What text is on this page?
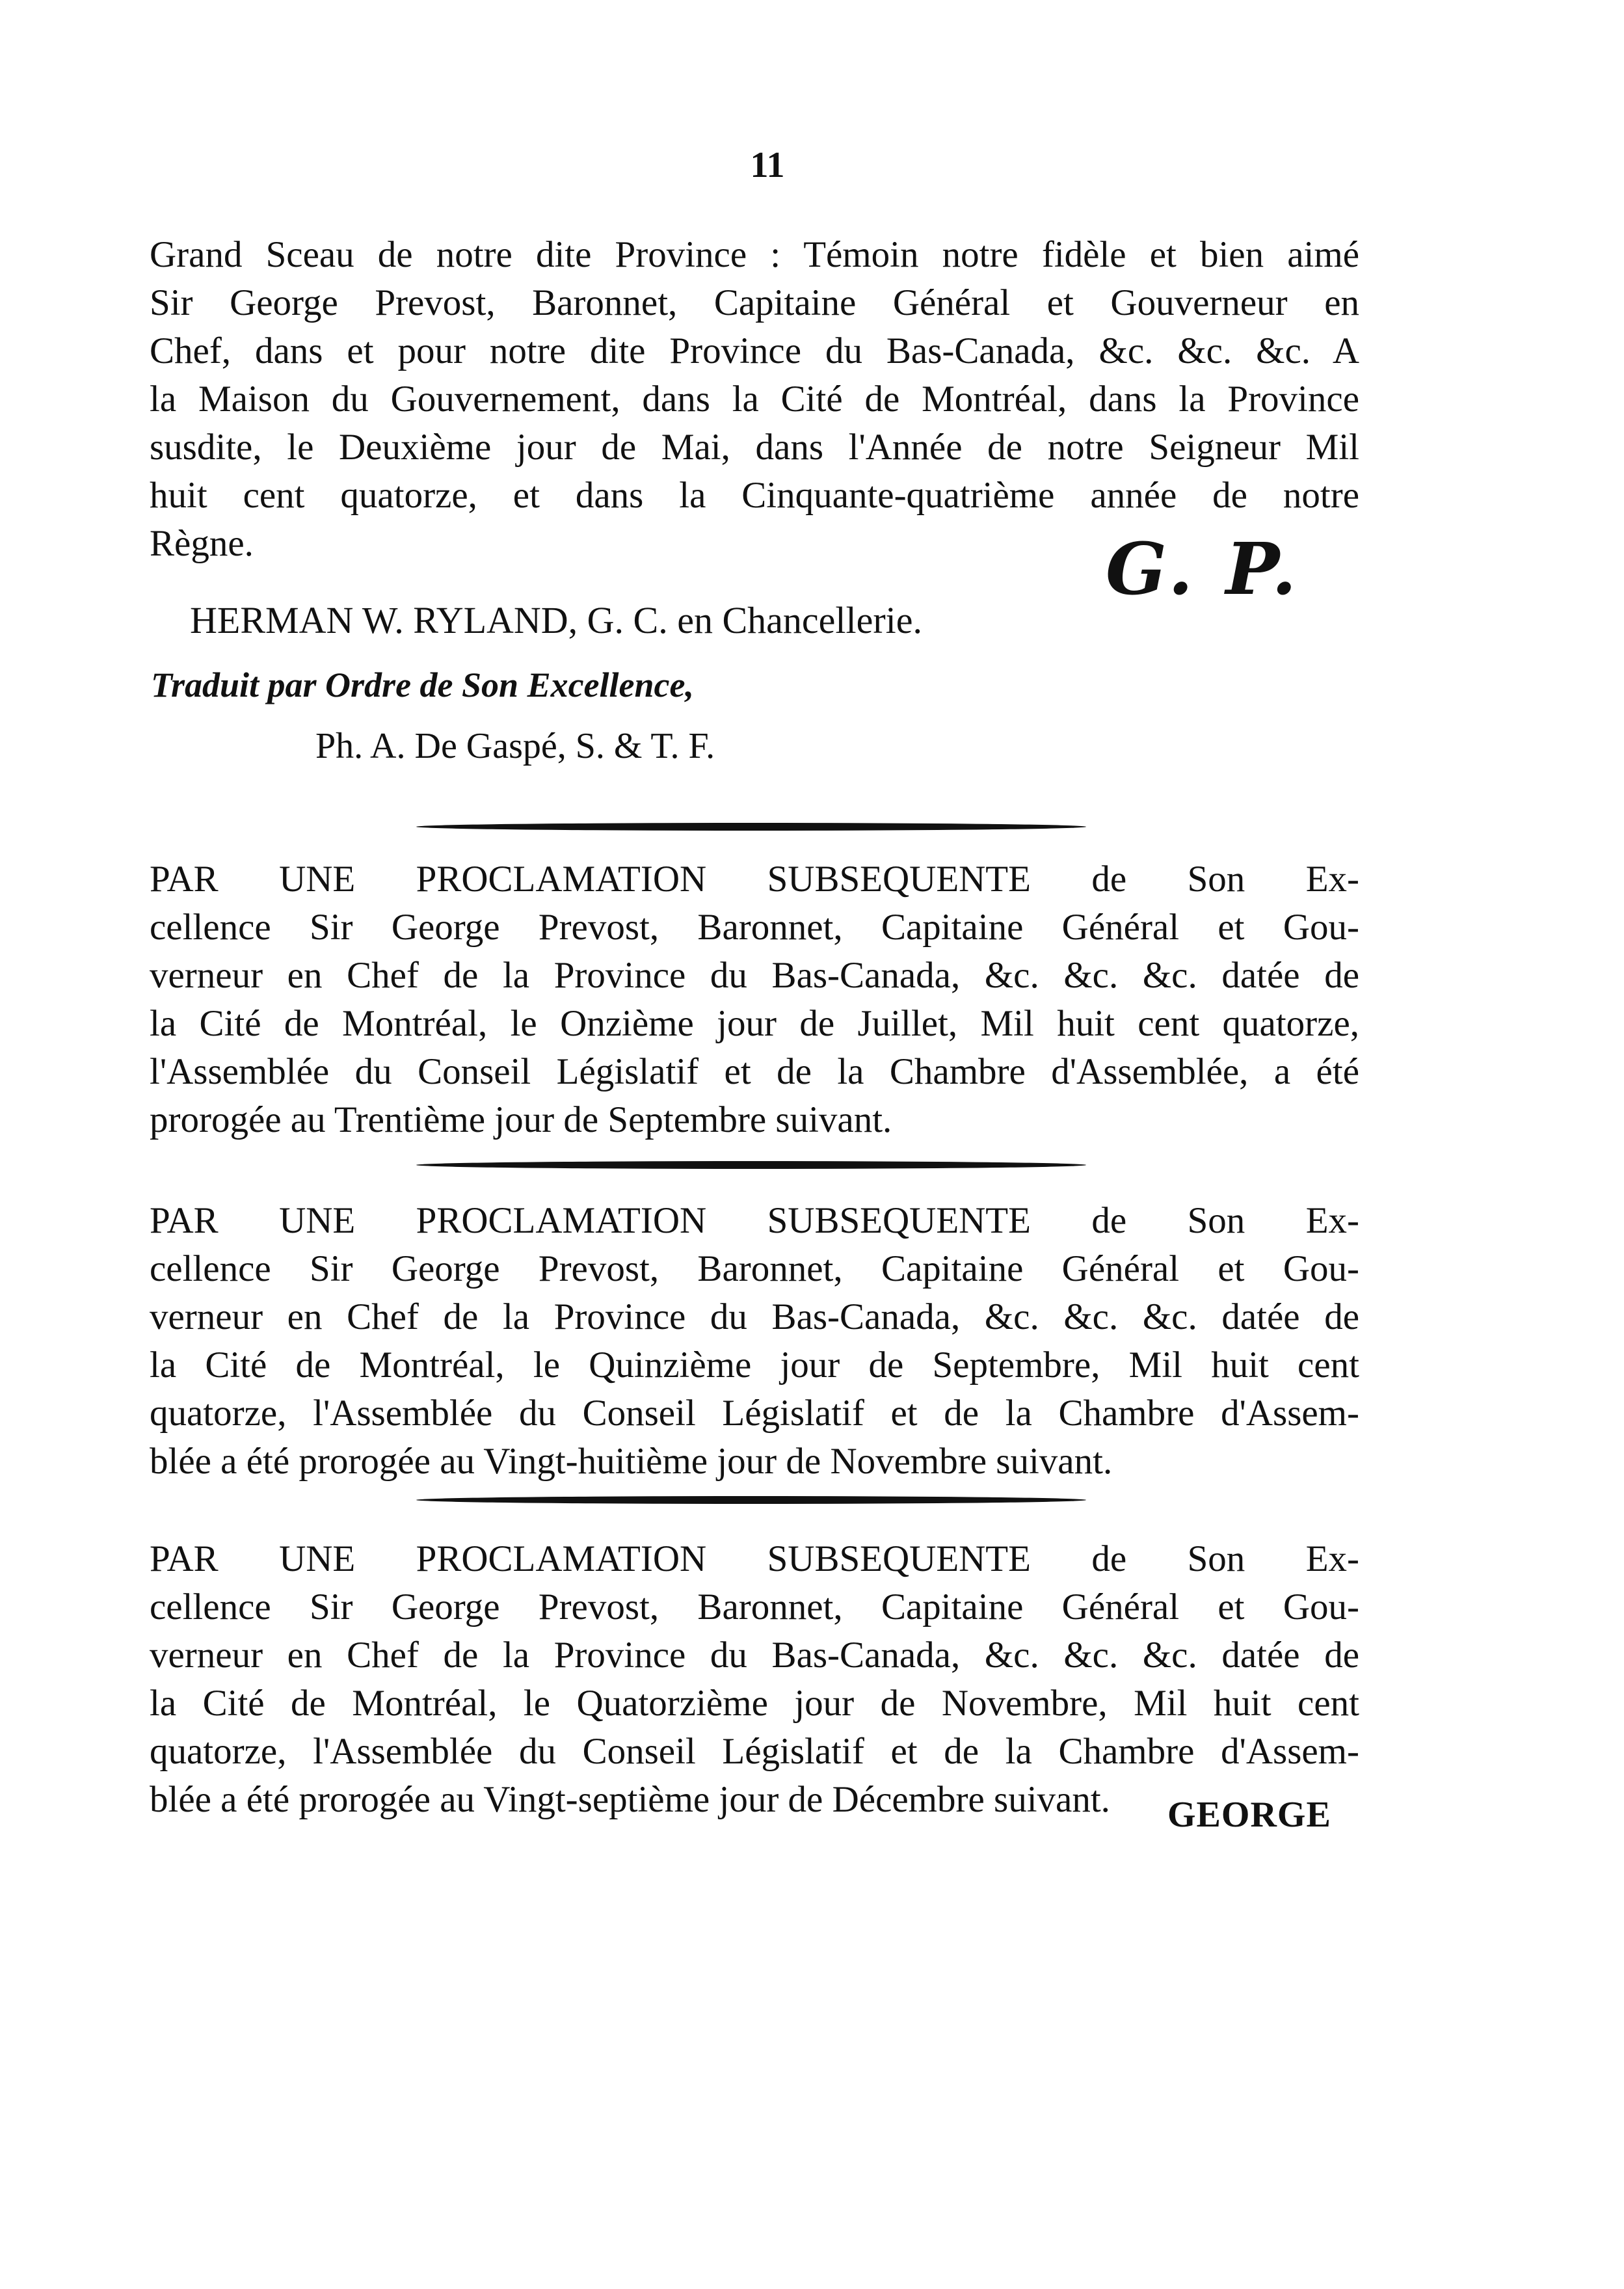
11

Grand Sceau de notre dite Province : Témoin notre fidèle et bien aimé
Sir George Prevost, Baronnet, Capitaine Général et Gouverneur en
Chef, dans et pour notre dite Province du Bas-Canada, &c. &c. &c. A
la Maison du Gouvernement, dans la Cité de Montréal, dans la Province
susdite, le Deuxième jour de Mai, dans l'Année de notre Seigneur Mil
huit cent quatorze, et dans la Cinquante-quatrième année de notre
Règne.	G. P.
HERMAN W. RYLAND, G. C. en Chancellerie.
Traduit par Ordre de Son Excellence,
Ph. A. De Gaspé, S. & T. F.

PAR UNE PROCLAMATION SUBSEQUENTE de Son Ex-
cellence Sir George Prevost, Baronnet, Capitaine Général et Gou-
verneur en Chef de la Province du Bas-Canada, &c. &c. &c. datée de
la Cité de Montréal, le Onzième jour de Juillet, Mil huit cent quatorze,
l'Assemblée du Conseil Législatif et de la Chambre d'Assemblée, a été
prorogée au Trentième jour de Septembre suivant.

PAR UNE PROCLAMATION SUBSEQUENTE de Son Ex-
cellence Sir George Prevost, Baronnet, Capitaine Général et Gou-
verneur en Chef de la Province du Bas-Canada, &c. &c. &c. datée de
la Cité de Montréal, le Quinzième jour de Septembre, Mil huit cent
quatorze, l'Assemblée du Conseil Législatif et de la Chambre d'Assem-
blée a été prorogée au Vingt-huitième jour de Novembre suivant.

PAR UNE PROCLAMATION SUBSEQUENTE de Son Ex-
cellence Sir George Prevost, Baronnet, Capitaine Général et Gou-
verneur en Chef de la Province du Bas-Canada, &c. &c. &c. datée de
la Cité de Montréal, le Quatorzième jour de Novembre, Mil huit cent
quatorze, l'Assemblée du Conseil Législatif et de la Chambre d'Assem-
blée a été prorogée au Vingt-septième jour de Décembre suivant.	GEORGE
